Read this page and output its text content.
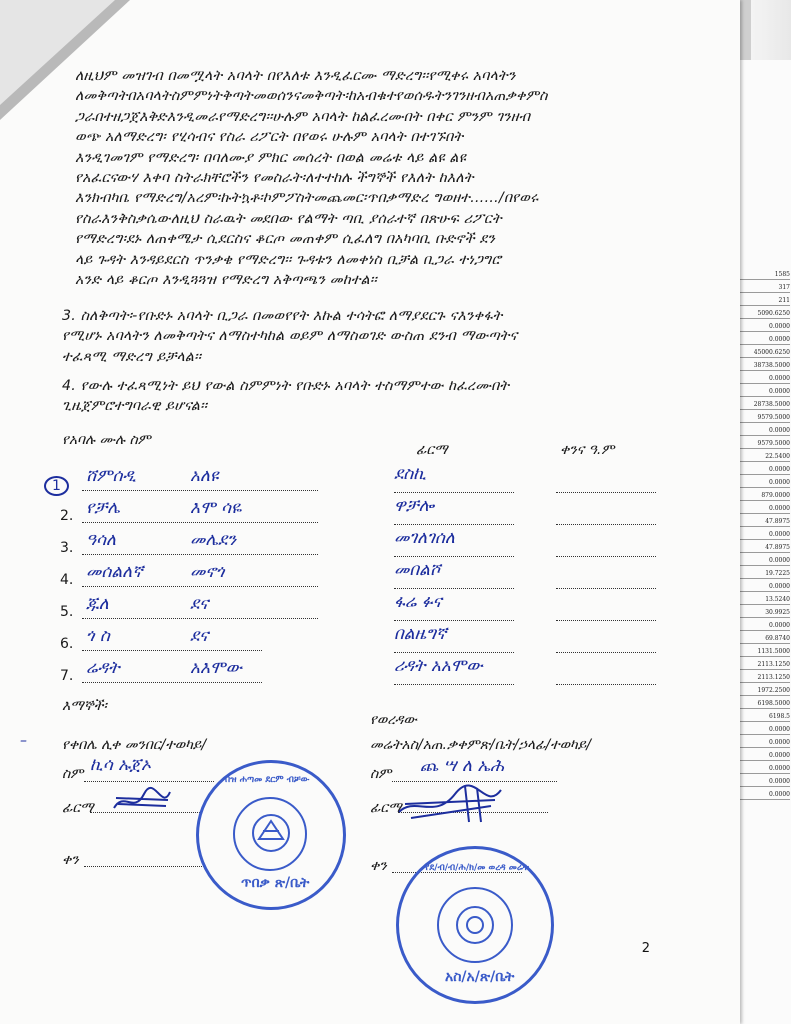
1585
317
211
5090.6250
0.0000
0.0000
45000.6250
38738.5000
0.0000
0.0000
28738.5000
9579.5000
0.0000
9579.5000
22.5400
0.0000
0.0000
879.0000
0.0000
47.8975
0.0000
47.8975
0.0000
19.7225
0.0000
13.5240
30.9925
0.0000
69.8740
1131.5000
2113.1250
2113.1250
1972.2500
6198.5000
6198.5
0.0000
0.0000
0.0000
0.0000
0.0000
0.0000

ለዚህም መዝገብ በመሟላት አባላት በየእለቱ እንዲፈርሙ ማድረግ፡፡የሚቀሩ አባላትን

ለመቅጣትበአባላትስምምነትቅጣትመወሰንናመቅጣት፡ከአብቁተየወሰዱትንገንዘብአጠቃቀምስ

ጋራበተዘጋጀእቅድእንዲመራየማድረግ፡፡ሁሉም አባላት ከልፈረሙበት በቀር ምንም ገንዘብ

ወጭ አለማድረግ፡ የሂሳብና የስራ ሪፖርት በየወሩ ሁሉም አባላት በተገኙበት

እንዲገመገም የማድረግ፡ በባለሙያ ምክር መሰረት በወል መሬቱ ላይ ልዩ ልዩ

የአፈርናውሃ እቀባ ስትራክቸሮችን የመስራት፡ለተተከሉ ችግኞች የእለት ከእለት

እንክብካቤ የማድረግ/አረም፡ኩትኳቶ፡ኮምፖስትመጨመር፡ጥበቃማድረ ግወዘተ……/በየወሩ

የስራእንቅስቃሴውለዚህ ስራዉት መደበው የልማት ጣቢ ያሰራተኛ በጽሁፍ ሪፖርት

የማድረግ፡ደኑ ለጠቀሜታ ሲደርስና ቆርጦ መጠቀም ሲፈለግ በአካባቢ ቡድኖች ደን

ላይ ጉዳት እንዳይደርስ ጥንቃቄ የማድረግ፡፡ ጉዳቱን ለመቀነስ ቢቻል ቢጋራ ተነጋግሮ

አንድ ላይ ቆርጦ እንዲጓጓዝ የማድረግ አቅጣጫን መከተል፡፡

3. ስለቅጣት፡-የቡድኑ አባላት ቢጋራ በመወየየት እኩል ተሳትፎ ለማያደርጉ ናእንቀፋት

የሚሆኑ አባላትን ለመቅጣትና ለማስተካከል ወይም ለማስወገድ ውስጠ ደንብ ማውጣትና

ተፈጻሚ ማድረግ ይቻላል፡፡

4. የውሉ ተፈጻሚነት ይህ የውል ስምምነት የቡድኑ አባላት ተስማምተው ከፈረሙበት

ጊዜጀምሮተግባራዊ ይሆናል፡፡

የአባሉ ሙሉ ስም
ፊርማ	ቀንና ዓ.ም
1	ሸምሰዲ	አለዩ	ደስኪ
2. የቻሌ	እሞ ሳዬ	ዋቻሎ
3. ዓሳለ	መሌደን	መገለገሰለ
4. መሰልለኛ	መኖጎ	መበልሾ
5. ጁለ	ደና	ፋሬ ፉና
6. ጎ ስ	ደና	በልዜግኛ
7. ሬዳት	አእሞው	ሪዳት አአሞው
እማኞች፡
–	የቀበሌ ሊቀ መንበር/ተወካይ/
ስም ኪሳ ኡጀኦ
ፊርማ
ቀን
የወረዳው
መሬትአስ/አጠ.ቃቀምጽ/ቤት/ኃላፊ/ተወካይ/
ስም ጨ ሣ ለ ኤሕ
ፊርማ
ቀን
በዝ ሐጣመ ደርም ብቻው
ጥበቃ ጽ/ቤት
የደ/ብ/ብ/ሕ/ክ/መ ወረዳ መሬት
አስ/አ/ጽ/ቤት
2
